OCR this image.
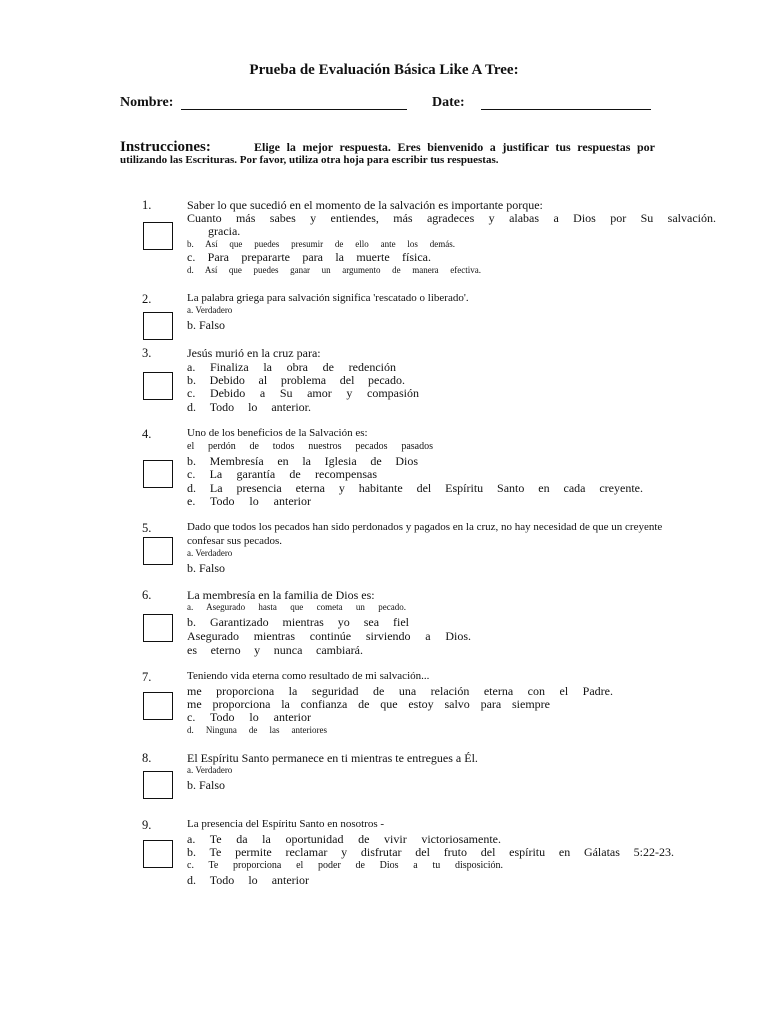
Prueba de Evaluación Básica Like A Tree:
Nombre:	Date:
Instrucciones:	Elige la mejor respuesta. Eres bienvenido a justificar tus respuestas por
utilizando las Escrituras. Por favor, utiliza otra hoja para escribir tus respuestas.
1.	Saber lo que sucedió en el momento de la salvación es importante porque:
Cuanto más sabes y entiendes, más agradeces y alabas a Dios por Su salvación.
gracia.
b. Así que puedes presumir de ello ante los demás.
c. Para prepararte para la muerte física.
d. Así que puedes ganar un argumento de manera efectiva.
2.	La palabra griega para salvación significa 'rescatado o liberado'.
a. Verdadero
b. Falso
3.	Jesús murió en la cruz para:
a. Finaliza la obra de redención
b. Debido al problema del pecado.
c. Debido a Su amor y compasión
d. Todo lo anterior.
4.	Uno de los beneficios de la Salvación es:
el perdón de todos nuestros pecados pasados
b. Membresía en la Iglesia de Dios
c. La garantía de recompensas
d. La presencia eterna y habitante del Espíritu Santo en cada creyente.
e. Todo lo anterior
5.	Dado que todos los pecados han sido perdonados y pagados en la cruz, no hay necesidad de que un creyente
confesar sus pecados.
a. Verdadero
b. Falso
6.	La membresía en la familia de Dios es:
a. Asegurado hasta que cometa un pecado.
b. Garantizado mientras yo sea fiel
Asegurado mientras continúe sirviendo a Dios.
es eterno y nunca cambiará.
7.	Teniendo vida eterna como resultado de mi salvación...
me proporciona la seguridad de una relación eterna con el Padre.
me proporciona la confianza de que estoy salvo para siempre
c. Todo lo anterior
d. Ninguna de las anteriores
8.	El Espíritu Santo permanece en ti mientras te entregues a Él.
a. Verdadero
b. Falso
9.	La presencia del Espíritu Santo en nosotros -
a. Te da la oportunidad de vivir victoriosamente.
b. Te permite reclamar y disfrutar del fruto del espíritu en Gálatas 5:22-23.
c. Te proporciona el poder de Dios a tu disposición.
d. Todo lo anterior
